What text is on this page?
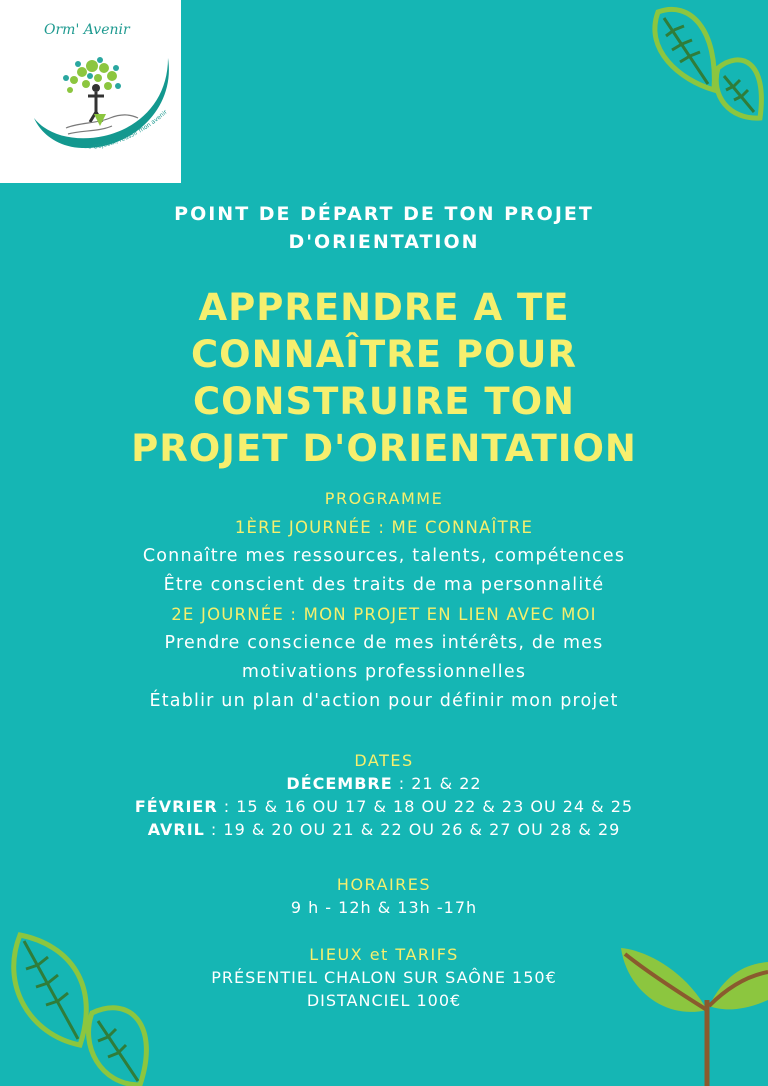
« Objectif, réussir mon avenir
Orm' Avenir
POINT DE DÉPART DE TON PROJET
D'ORIENTATION
APPRENDRE A TE
CONNAÎTRE POUR
CONSTRUIRE TON
PROJET D'ORIENTATION
PROGRAMME
1ÈRE JOURNÉE : ME CONNAÎTRE
Connaître mes ressources, talents, compétences
Être conscient des traits de ma personnalité
2E JOURNÉE : MON PROJET EN LIEN AVEC MOI
Prendre conscience de mes intérêts, de mes
motivations professionnelles
Établir un plan d'action pour définir mon projet
DATES
DÉCEMBRE : 21 & 22
FÉVRIER : 15 & 16 OU 17 & 18 OU 22 & 23 OU 24 & 25
AVRIL : 19 & 20 OU 21 & 22 OU 26 & 27 OU 28 & 29
HORAIRES
9 h - 12h & 13h -17h
LIEUX et TARIFS
PRÉSENTIEL CHALON SUR SAÔNE 150€
DISTANCIEL 100€
